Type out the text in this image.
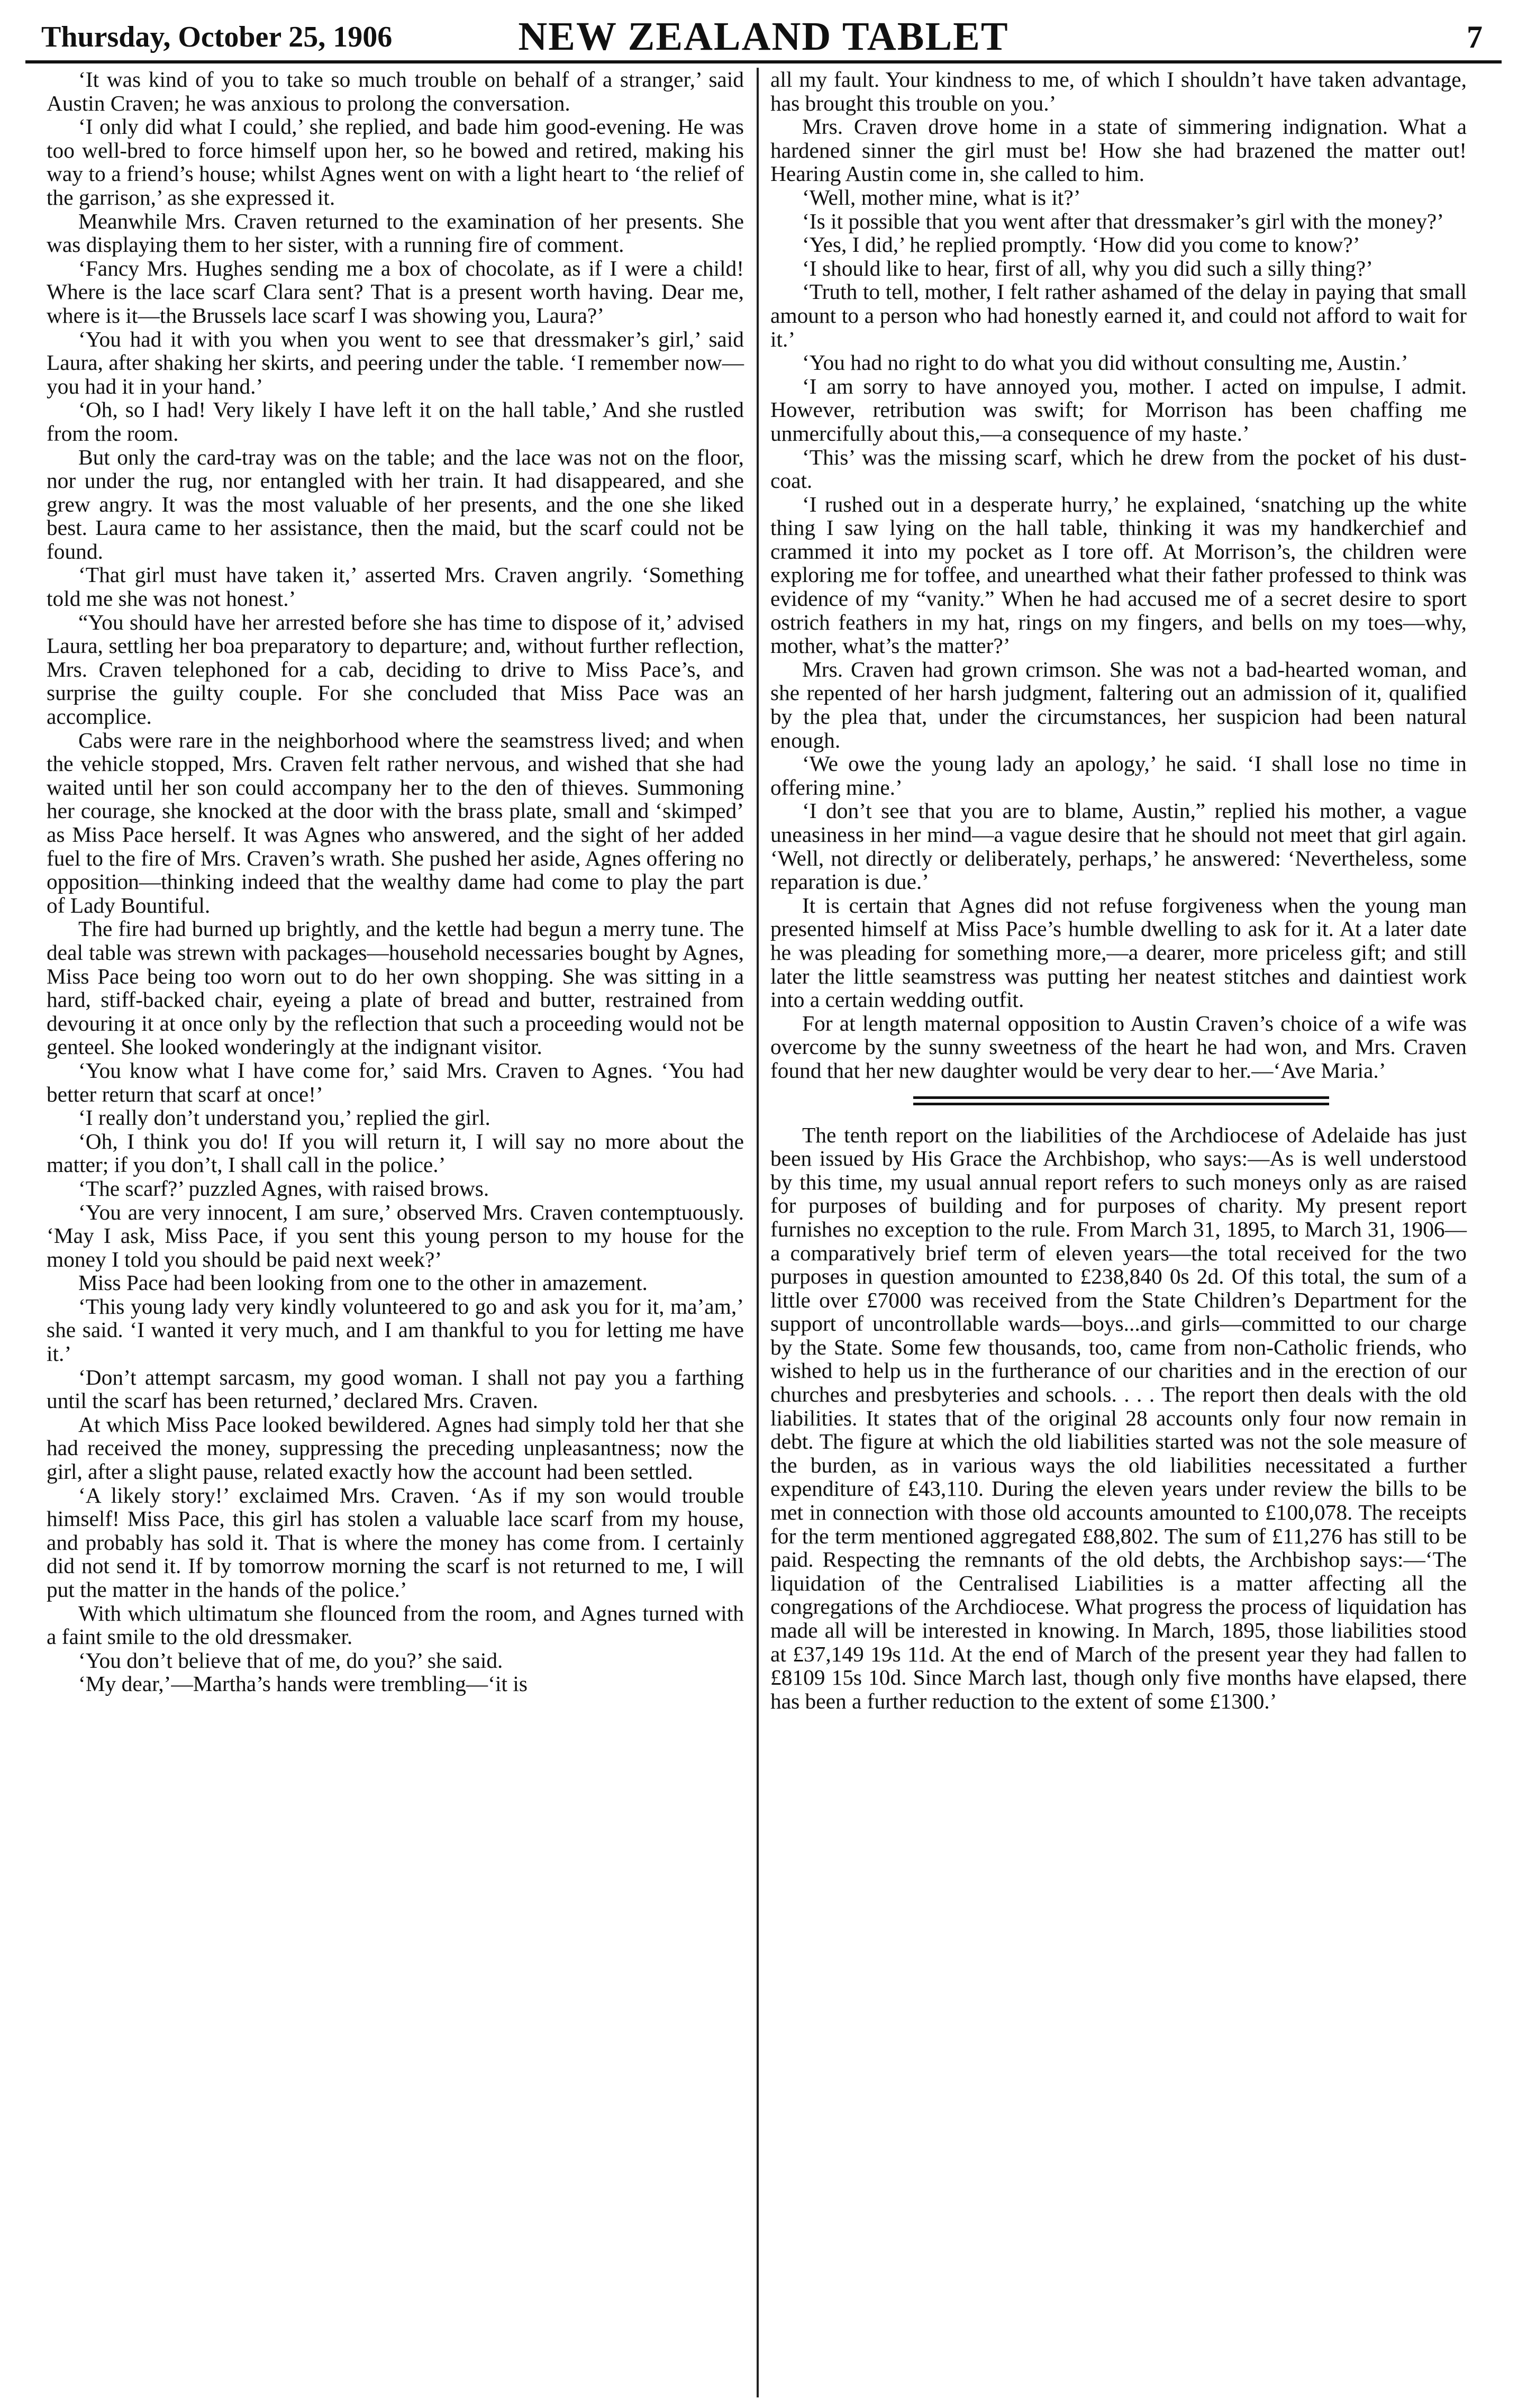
Thursday, October 25, 1906	NEW ZEALAND TABLET	7

‘It was kind of you to take so much trouble on behalf of a stranger,’ said Austin Craven; he was anxious to prolong the conversation.

‘I only did what I could,’ she replied, and bade him good-evening. He was too well-bred to force himself upon her, so he bowed and retired, making his way to a friend’s house; whilst Agnes went on with a light heart to ‘the relief of the garrison,’ as she expressed it.

Meanwhile Mrs. Craven returned to the examination of her presents. She was displaying them to her sister, with a running fire of comment.

‘Fancy Mrs. Hughes sending me a box of chocolate, as if I were a child! Where is the lace scarf Clara sent? That is a present worth having. Dear me, where is it—the Brussels lace scarf I was showing you, Laura?’

‘You had it with you when you went to see that dressmaker’s girl,’ said Laura, after shaking her skirts, and peering under the table. ‘I remember now—you had it in your hand.’

‘Oh, so I had! Very likely I have left it on the hall table,’ And she rustled from the room.

But only the card-tray was on the table; and the lace was not on the floor, nor under the rug, nor entangled with her train. It had disappeared, and she grew angry. It was the most valuable of her presents, and the one she liked best. Laura came to her assistance, then the maid, but the scarf could not be found.

‘That girl must have taken it,’ asserted Mrs. Craven angrily. ‘Something told me she was not honest.’

“You should have her arrested before she has time to dispose of it,’ advised Laura, settling her boa preparatory to departure; and, without further reflection, Mrs. Craven telephoned for a cab, deciding to drive to Miss Pace’s, and surprise the guilty couple. For she concluded that Miss Pace was an accomplice.

Cabs were rare in the neighborhood where the seamstress lived; and when the vehicle stopped, Mrs. Craven felt rather nervous, and wished that she had waited until her son could accompany her to the den of thieves. Summoning her courage, she knocked at the door with the brass plate, small and ‘skimped’ as Miss Pace herself. It was Agnes who answered, and the sight of her added fuel to the fire of Mrs. Craven’s wrath. She pushed her aside, Agnes offering no opposition—thinking indeed that the wealthy dame had come to play the part of Lady Bountiful.

The fire had burned up brightly, and the kettle had begun a merry tune. The deal table was strewn with packages—household necessaries bought by Agnes, Miss Pace being too worn out to do her own shopping. She was sitting in a hard, stiff-backed chair, eyeing a plate of bread and butter, restrained from devouring it at once only by the reflection that such a proceeding would not be genteel. She looked wonderingly at the indignant visitor.

‘You know what I have come for,’ said Mrs. Craven to Agnes. ‘You had better return that scarf at once!’

‘I really don’t understand you,’ replied the girl.

‘Oh, I think you do! If you will return it, I will say no more about the matter; if you don’t, I shall call in the police.’

‘The scarf?’ puzzled Agnes, with raised brows.

‘You are very innocent, I am sure,’ observed Mrs. Craven contemptuously. ‘May I ask, Miss Pace, if you sent this young person to my house for the money I told you should be paid next week?’

Miss Pace had been looking from one to the other in amazement.

‘This young lady very kindly volunteered to go and ask you for it, ma’am,’ she said. ‘I wanted it very much, and I am thankful to you for letting me have it.’

‘Don’t attempt sarcasm, my good woman. I shall not pay you a farthing until the scarf has been returned,’ declared Mrs. Craven.

At which Miss Pace looked bewildered. Agnes had simply told her that she had received the money, suppressing the preceding unpleasantness; now the girl, after a slight pause, related exactly how the account had been settled.

‘A likely story!’ exclaimed Mrs. Craven. ‘As if my son would trouble himself! Miss Pace, this girl has stolen a valuable lace scarf from my house, and probably has sold it. That is where the money has come from. I certainly did not send it. If by tomorrow morning the scarf is not returned to me, I will put the matter in the hands of the police.’

With which ultimatum she flounced from the room, and Agnes turned with a faint smile to the old dressmaker.

‘You don’t believe that of me, do you?’ she said.

‘My dear,’—Martha’s hands were trembling—‘it is

all my fault. Your kindness to me, of which I shouldn’t have taken advantage, has brought this trouble on you.’

Mrs. Craven drove home in a state of simmering indignation. What a hardened sinner the girl must be! How she had brazened the matter out! Hearing Austin come in, she called to him.

‘Well, mother mine, what is it?’

‘Is it possible that you went after that dressmaker’s girl with the money?’

‘Yes, I did,’ he replied promptly. ‘How did you come to know?’

‘I should like to hear, first of all, why you did such a silly thing?’

‘Truth to tell, mother, I felt rather ashamed of the delay in paying that small amount to a person who had honestly earned it, and could not afford to wait for it.’

‘You had no right to do what you did without consulting me, Austin.’

‘I am sorry to have annoyed you, mother. I acted on impulse, I admit. However, retribution was swift; for Morrison has been chaffing me unmercifully about this,—a consequence of my haste.’

‘This’ was the missing scarf, which he drew from the pocket of his dust-coat.

‘I rushed out in a desperate hurry,’ he explained, ‘snatching up the white thing I saw lying on the hall table, thinking it was my handkerchief and crammed it into my pocket as I tore off. At Morrison’s, the children were exploring me for toffee, and unearthed what their father professed to think was evidence of my “vanity.” When he had accused me of a secret desire to sport ostrich feathers in my hat, rings on my fingers, and bells on my toes—why, mother, what’s the matter?’

Mrs. Craven had grown crimson. She was not a bad-hearted woman, and she repented of her harsh judgment, faltering out an admission of it, qualified by the plea that, under the circumstances, her suspicion had been natural enough.

‘We owe the young lady an apology,’ he said. ‘I shall lose no time in offering mine.’

‘I don’t see that you are to blame, Austin,” replied his mother, a vague uneasiness in her mind—a vague desire that he should not meet that girl again. ‘Well, not directly or deliberately, perhaps,’ he answered: ‘Nevertheless, some reparation is due.’

It is certain that Agnes did not refuse forgiveness when the young man presented himself at Miss Pace’s humble dwelling to ask for it. At a later date he was pleading for something more,—a dearer, more priceless gift; and still later the little seamstress was putting her neatest stitches and daintiest work into a certain wedding outfit.

For at length maternal opposition to Austin Craven’s choice of a wife was overcome by the sunny sweetness of the heart he had won, and Mrs. Craven found that her new daughter would be very dear to her.—‘Ave Maria.’

The tenth report on the liabilities of the Archdiocese of Adelaide has just been issued by His Grace the Archbishop, who says:—As is well understood by this time, my usual annual report refers to such moneys only as are raised for purposes of building and for purposes of charity. My present report furnishes no exception to the rule. From March 31, 1895, to March 31, 1906—a comparatively brief term of eleven years—the total received for the two purposes in question amounted to £238,840 0s 2d. Of this total, the sum of a little over £7000 was received from the State Children’s Department for the support of uncontrollable wards—boys...and girls—committed to our charge by the State. Some few thousands, too, came from non-Catholic friends, who wished to help us in the furtherance of our charities and in the erection of our churches and presbyteries and schools. . . . The report then deals with the old liabilities. It states that of the original 28 accounts only four now remain in debt. The figure at which the old liabilities started was not the sole measure of the burden, as in various ways the old liabilities necessitated a further expenditure of £43,110. During the eleven years under review the bills to be met in connection with those old accounts amounted to £100,078. The receipts for the term mentioned aggregated £88,802. The sum of £11,276 has still to be paid. Respecting the remnants of the old debts, the Archbishop says:—‘The liquidation of the Centralised Liabilities is a matter affecting all the congregations of the Archdiocese. What progress the process of liquidation has made all will be interested in knowing. In March, 1895, those liabilities stood at £37,149 19s 11d. At the end of March of the present year they had fallen to £8109 15s 10d. Since March last, though only five months have elapsed, there has been a further reduction to the extent of some £1300.’
